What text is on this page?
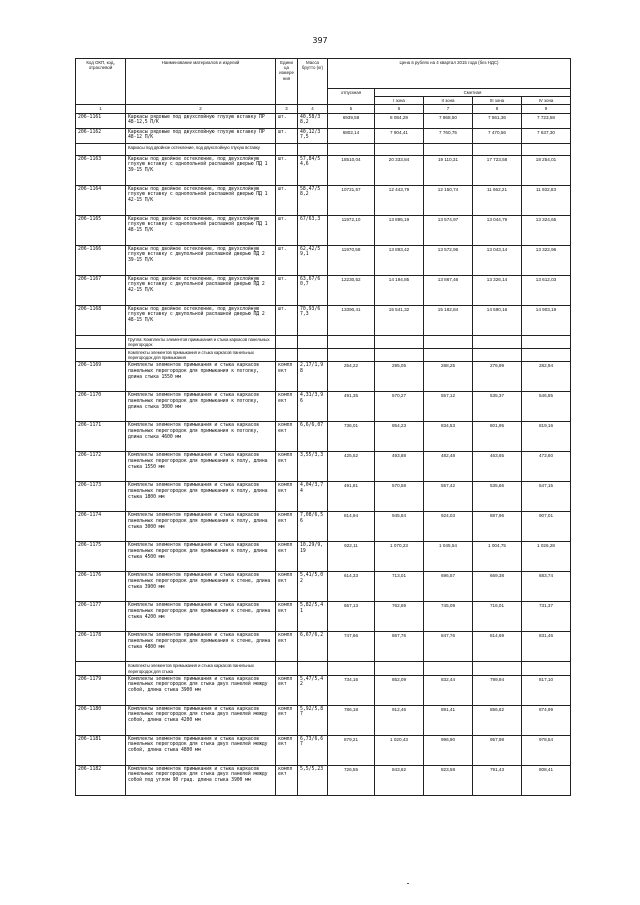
397
Код ОКП, код, отраслевой	Наименование материалов и изделий	Едини ца измере ния	Масса брутто (кг)	Цена в рублях на 4 квартал 2015 года (без НДС)				
				отпускная	Сметная			
					I зона	II зона	III зона	IV зона
1	2	3	4	5	6	7	8	9
206-1161	Каркасы рядовые под двухслойную глухую вставку ПР 48-12,5 П/К	шт.	40,58/3 8,2	6939,58	8 084,29	7 868,50	7 561,36	7 723,58
206-1162	Каркасы рядовые под двухслойную глухую вставку ПР 48-12 П/К	шт.	40,12/3 7,5	6802,14	7 904,41	7 760,75	7 470,56	7 637,30
	Каркасы под двойное остекление, под двухслойную глухую вставку							
206-1163	Каркасы под двойное остекление, под двухслойную глухую вставку с однопольной распашной дверью ПД 1 39-15 П/К	шт.	57,84/5 4,6	18510,04	20 333,84	19 110,31	17 723,58	18 254,01
206-1164	Каркасы под двойное остекление, под двухслойную глухую вставку с однопольной распашной дверью ПД 1 42-15 П/К	шт.	58,47/5 8,2	10721,57	12 443,79	12 150,74	11 662,21	11 932,83
206-1165	Каркасы под двойное остекление, под двухслойную глухую вставку с однопольной распашной дверью ПД 1 48-15 П/К	шт.	67/63,3	11972,10	13 895,19	13 574,97	13 044,79	13 324,65
206-1166	Каркасы под двойное остекление, под двухслойную глухую вставку с двупольной распашной дверью ПД 2 39-15 П/К	шт.	62,42/5 9,1	11970,58	13 893,42	13 572,96	13 043,14	13 322,96
206-1167	Каркасы под двойное остекление, под двухслойную глухую вставку с двупольной распашной дверью ПД 2 42-15 П/К	шт.	63,67/6 0,7	12230,52	14 194,85	13 867,46	13 326,14	13 612,03
206-1168	Каркасы под двойное остекление, под двухслойную глухую вставку с двупольной распашной дверью ПД 2 48-15 П/К	шт.	70,93/6 7,3	13390,41	15 541,32	15 182,84	14 590,16	14 903,19
	Группа: Комплекты элементов примыкания и стыка каркасов панельных перегородок							
	Комплекты элементов примыкания и стыка каркасов панельных перегородок для примыкания							
206-1169	Комплекты элементов примыкания и стыка каркасов панельных перегородок для примыкания к потолку, длина стыка 1550 мм	компл ект	2,17/1,9 8	254,22	295,05	288,25	276,99	282,94
206-1170	Комплекты элементов примыкания и стыка каркасов панельных перегородок для примыкания к потолку, длина стыка 3000 мм	компл ект	4,31/3,9 6	491,35	570,27	557,12	535,37	546,85
206-1171	Комплекты элементов примыкания и стыка каркасов панельных перегородок для примыкания к потолку, длина стыка 4600 мм	компл ект	6,6/6,07	736,01	854,23	834,53	801,95	819,16
206-1172	Комплекты элементов примыкания и стыка каркасов панельных перегородок для примыкания к полу, длина стыка 1550 мм	компл ект	3,55/3,3	425,52	493,88	482,48	463,65	473,60
206-1173	Комплекты элементов примыкания и стыка каркасов панельных перегородок для примыкания к полу, длина стыка 1800 мм	компл ект	4,04/3,7 4	491,81	570,58	557,42	535,66	547,15
206-1174	Комплекты элементов примыкания и стыка каркасов панельных перегородок для примыкания к полу, длина стыка 3000 мм	компл ект	7,08/6,5 6	814,94	945,84	924,03	887,96	907,01
206-1175	Комплекты элементов примыкания и стыка каркасов панельных перегородок для примыкания к полу, длина стыка 4500 мм	компл ект	10,29/9, 19	922,11	1 070,23	1 045,54	1 004,75	1 026,28
206-1176	Комплекты элементов примыкания и стыка каркасов панельных перегородок для примыкания к стене, длина стыка 3900 мм	компл ект	5,41/5,0 2	614,33	713,01	696,57	669,38	683,74
206-1177	Комплекты элементов примыкания и стыка каркасов панельных перегородок для примыкания к стене, длина стыка 4200 мм	компл ект	5,82/5,4 1	657,13	762,69	745,09	716,01	731,37
206-1178	Комплекты элементов примыкания и стыка каркасов панельных перегородок для примыкания к стене, длина стыка 4800 мм	компл ект	6,67/6,2	747,66	867,76	847,76	814,69	831,46
	Комплекты элементов примыкания и стыка каркасов панельных перегородок для стыка							
206-1179	Комплекты элементов примыкания и стыка каркасов панельных перегородок для стыка двух панелей между собой, длина стыка 3900 мм	компл ект	5,47/5,4 2	734,16	852,09	832,44	799,94	817,10
206-1180	Комплекты элементов примыкания и стыка каркасов панельных перегородок для стыка двух панелей между собой, длина стыка 4200 мм	компл ект	5,92/5,8 7	786,18	912,46	891,41	856,62	874,99
206-1181	Комплекты элементов примыкания и стыка каркасов панельных перегородок для стыка двух панелей между собой, длина стыка 4800 мм	компл ект	6,73/6,6 7	879,21	1 020,43	996,90	957,98	978,54
206-1182	Комплекты элементов примыкания и стыка каркасов панельных перегородок для стыка двух панелей между собой под углом 90 град. длина стыка 3900 мм	компл ект	5,5/5,23	726,55	843,62	823,58	791,43	808,41
